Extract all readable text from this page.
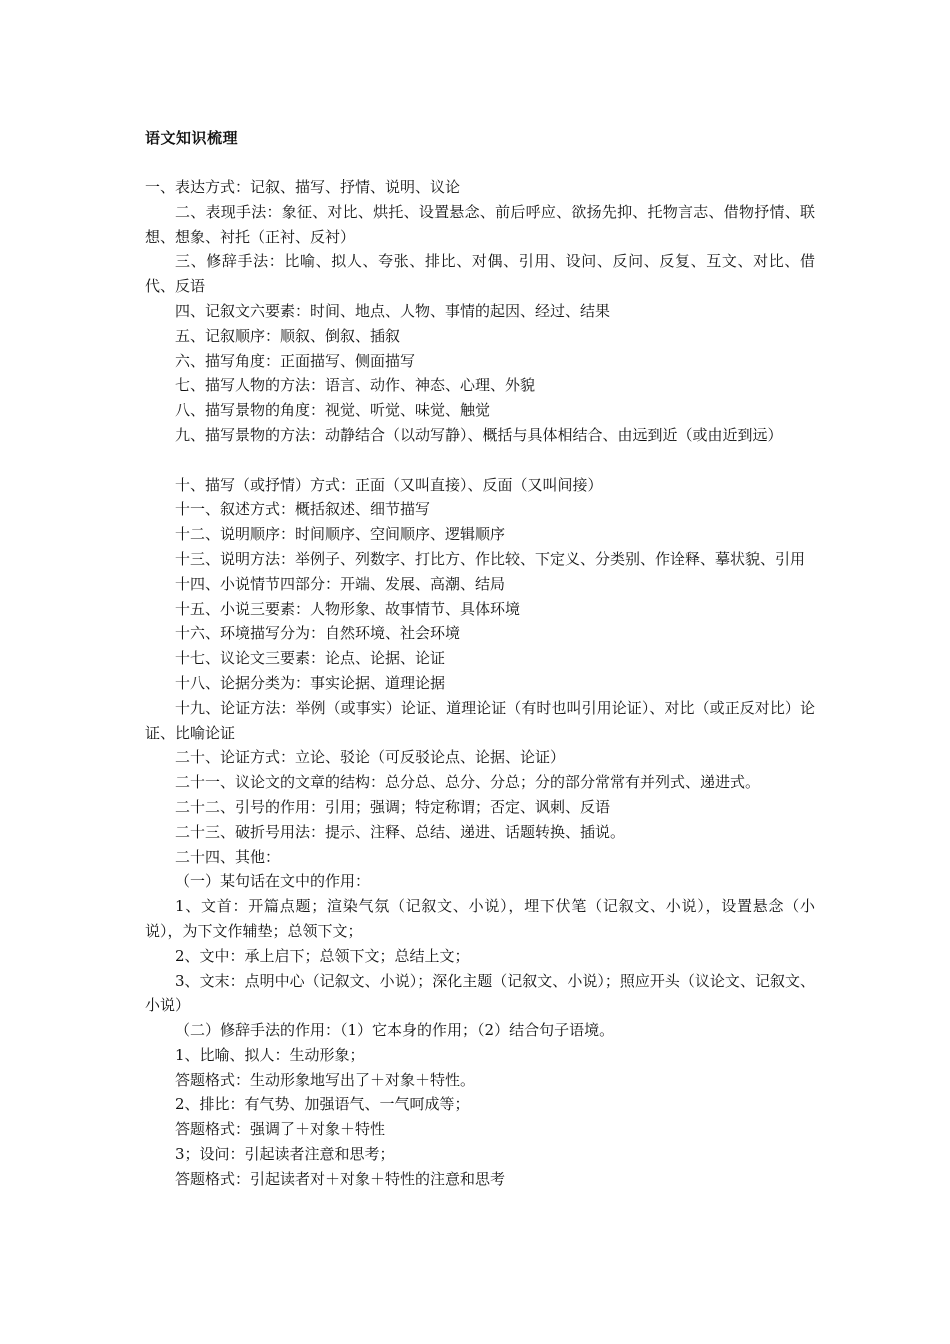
语文知识梳理

一、表达方式：记叙、描写、抒情、说明、议论

二、表现手法：象征、对比、烘托、设置悬念、前后呼应、欲扬先抑、托物言志、借物抒情、联想、想象、衬托（正衬、反衬）

三、修辞手法：比喻、拟人、夸张、排比、对偶、引用、设问、反问、反复、互文、对比、借代、反语

四、记叙文六要素：时间、地点、人物、事情的起因、经过、结果

五、记叙顺序：顺叙、倒叙、插叙

六、描写角度：正面描写、侧面描写

七、描写人物的方法：语言、动作、神态、心理、外貌

八、描写景物的角度：视觉、听觉、味觉、触觉

九、描写景物的方法：动静结合（以动写静）、概括与具体相结合、由远到近（或由近到远）

十、描写（或抒情）方式：正面（又叫直接）、反面（又叫间接）

十一、叙述方式：概括叙述、细节描写

十二、说明顺序：时间顺序、空间顺序、逻辑顺序

十三、说明方法：举例子、列数字、打比方、作比较、下定义、分类别、作诠释、摹状貌、引用

十四、小说情节四部分：开端、发展、高潮、结局

十五、小说三要素：人物形象、故事情节、具体环境

十六、环境描写分为：自然环境、社会环境

十七、议论文三要素：论点、论据、论证

十八、论据分类为：事实论据、道理论据

十九、论证方法：举例（或事实）论证、道理论证（有时也叫引用论证）、对比（或正反对比）论证、比喻论证

二十、论证方式：立论、驳论（可反驳论点、论据、论证）

二十一、议论文的文章的结构：总分总、总分、分总；分的部分常常有并列式、递进式。

二十二、引号的作用：引用；强调；特定称谓；否定、讽刺、反语

二十三、破折号用法：提示、注释、总结、递进、话题转换、插说。

二十四、其他：

（一）某句话在文中的作用：

1、文首：开篇点题；渲染气氛（记叙文、小说），埋下伏笔（记叙文、小说），设置悬念（小说），为下文作辅垫；总领下文；

2、文中：承上启下；总领下文；总结上文；

3、文末：点明中心（记叙文、小说）；深化主题（记叙文、小说）；照应开头（议论文、记叙文、小说）

（二）修辞手法的作用：（1）它本身的作用；（2）结合句子语境。

1、比喻、拟人：生动形象；

答题格式：生动形象地写出了＋对象＋特性。

2、排比：有气势、加强语气、一气呵成等；

答题格式：强调了＋对象＋特性

3；设问：引起读者注意和思考；

答题格式：引起读者对＋对象＋特性的注意和思考
